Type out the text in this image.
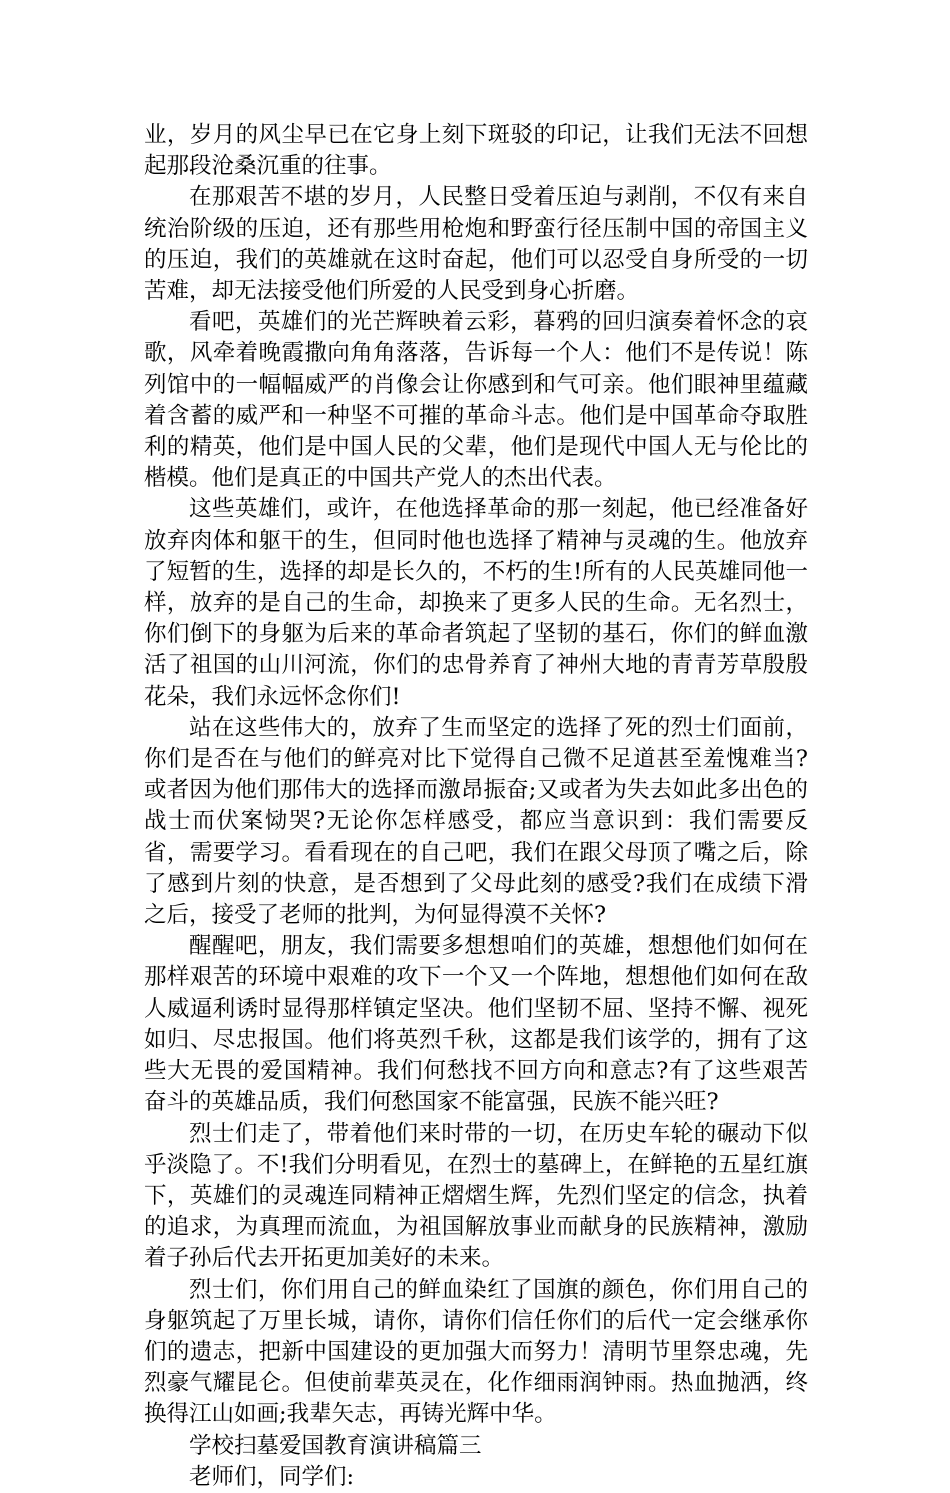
业，岁月的风尘早已在它身上刻下斑驳的印记，让我们无法不回想起那段沧桑沉重的往事。

在那艰苦不堪的岁月，人民整日受着压迫与剥削，不仅有来自统治阶级的压迫，还有那些用枪炮和野蛮行径压制中国的帝国主义的压迫，我们的英雄就在这时奋起，他们可以忍受自身所受的一切苦难，却无法接受他们所爱的人民受到身心折磨。

看吧，英雄们的光芒辉映着云彩，暮鸦的回归演奏着怀念的哀歌，风牵着晚霞撒向角角落落，告诉每一个人：他们不是传说！陈列馆中的一幅幅威严的肖像会让你感到和气可亲。他们眼神里蕴藏着含蓄的威严和一种坚不可摧的革命斗志。他们是中国革命夺取胜利的精英，他们是中国人民的父辈，他们是现代中国人无与伦比的楷模。他们是真正的中国共产党人的杰出代表。

这些英雄们，或许，在他选择革命的那一刻起，他已经准备好放弃肉体和躯干的生，但同时他也选择了精神与灵魂的生。他放弃了短暂的生，选择的却是长久的，不朽的生!所有的人民英雄同他一样，放弃的是自己的生命，却换来了更多人民的生命。无名烈士，你们倒下的身躯为后来的革命者筑起了坚韧的基石，你们的鲜血激活了祖国的山川河流，你们的忠骨养育了神州大地的青青芳草殷殷花朵，我们永远怀念你们!

站在这些伟大的，放弃了生而坚定的选择了死的烈士们面前，你们是否在与他们的鲜亮对比下觉得自己微不足道甚至羞愧难当?或者因为他们那伟大的选择而激昂振奋;又或者为失去如此多出色的战士而伏案恸哭?无论你怎样感受，都应当意识到：我们需要反省，需要学习。看看现在的自己吧，我们在跟父母顶了嘴之后，除了感到片刻的快意，是否想到了父母此刻的感受?我们在成绩下滑之后，接受了老师的批判，为何显得漠不关怀?

醒醒吧，朋友，我们需要多想想咱们的英雄，想想他们如何在那样艰苦的环境中艰难的攻下一个又一个阵地，想想他们如何在敌人威逼利诱时显得那样镇定坚决。他们坚韧不屈、坚持不懈、视死如归、尽忠报国。他们将英烈千秋，这都是我们该学的，拥有了这些大无畏的爱国精神。我们何愁找不回方向和意志?有了这些艰苦奋斗的英雄品质，我们何愁国家不能富强，民族不能兴旺?

烈士们走了，带着他们来时带的一切，在历史车轮的碾动下似乎淡隐了。不!我们分明看见，在烈士的墓碑上，在鲜艳的五星红旗下，英雄们的灵魂连同精神正熠熠生辉，先烈们坚定的信念，执着的追求，为真理而流血，为祖国解放事业而献身的民族精神，激励着子孙后代去开拓更加美好的未来。

烈士们，你们用自己的鲜血染红了国旗的颜色，你们用自己的身躯筑起了万里长城，请你，请你们信任你们的后代一定会继承你们的遗志，把新中国建设的更加强大而努力！清明节里祭忠魂，先烈豪气耀昆仑。但使前辈英灵在，化作细雨润钟雨。热血抛洒，终换得江山如画;我辈矢志，再铸光辉中华。

学校扫墓爱国教育演讲稿篇三

老师们，同学们:
